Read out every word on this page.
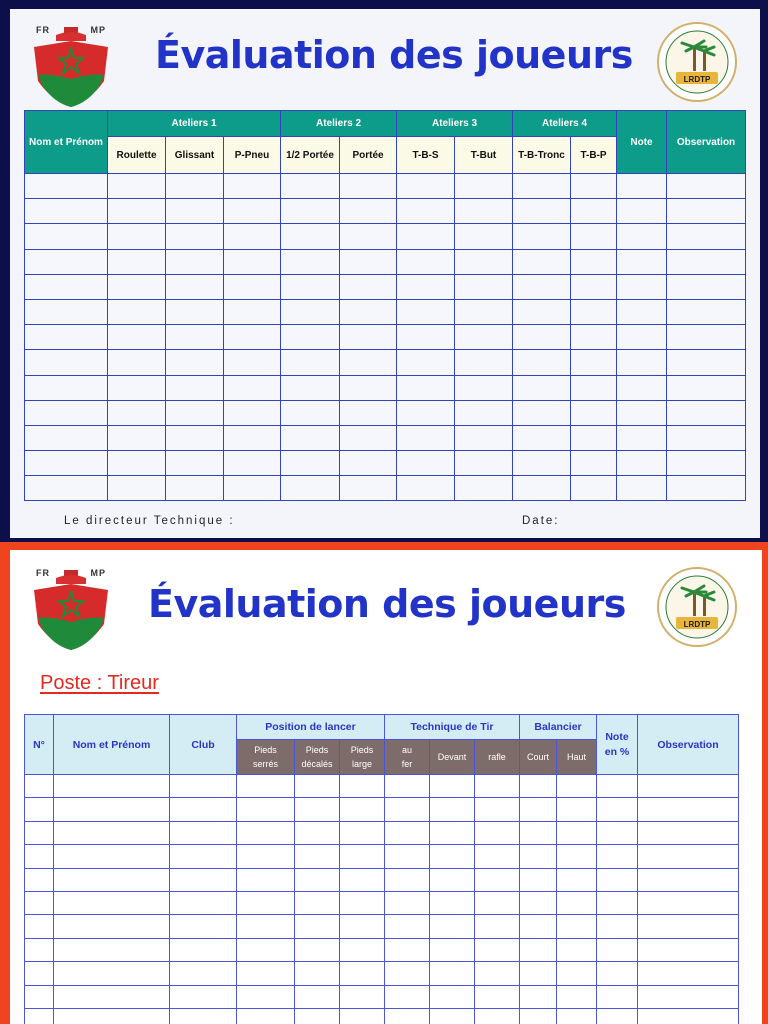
FR	MP
Évaluation des joueurs
LRDTP
Nom et Prénom	Ateliers 1			Ateliers 2		Ateliers 3		Ateliers 4		Note	Observation
	Roulette	Glissant	P-Pneu	1/2 Portée	Portée	T-B-S	T-But	T-B-Tronc	T-B-P		

Le directeur Technique :	Date:
FR	MP
Évaluation des joueurs	LRDTP
Poste : Tireur
N°	Nom et Prénom	Club	Position de lancer			Technique de Tir			Balancier		Note en %	Observation
			Pieds serrés	Pieds décalés	Pieds large	au fer	Devant	rafle	Court	Haut		
